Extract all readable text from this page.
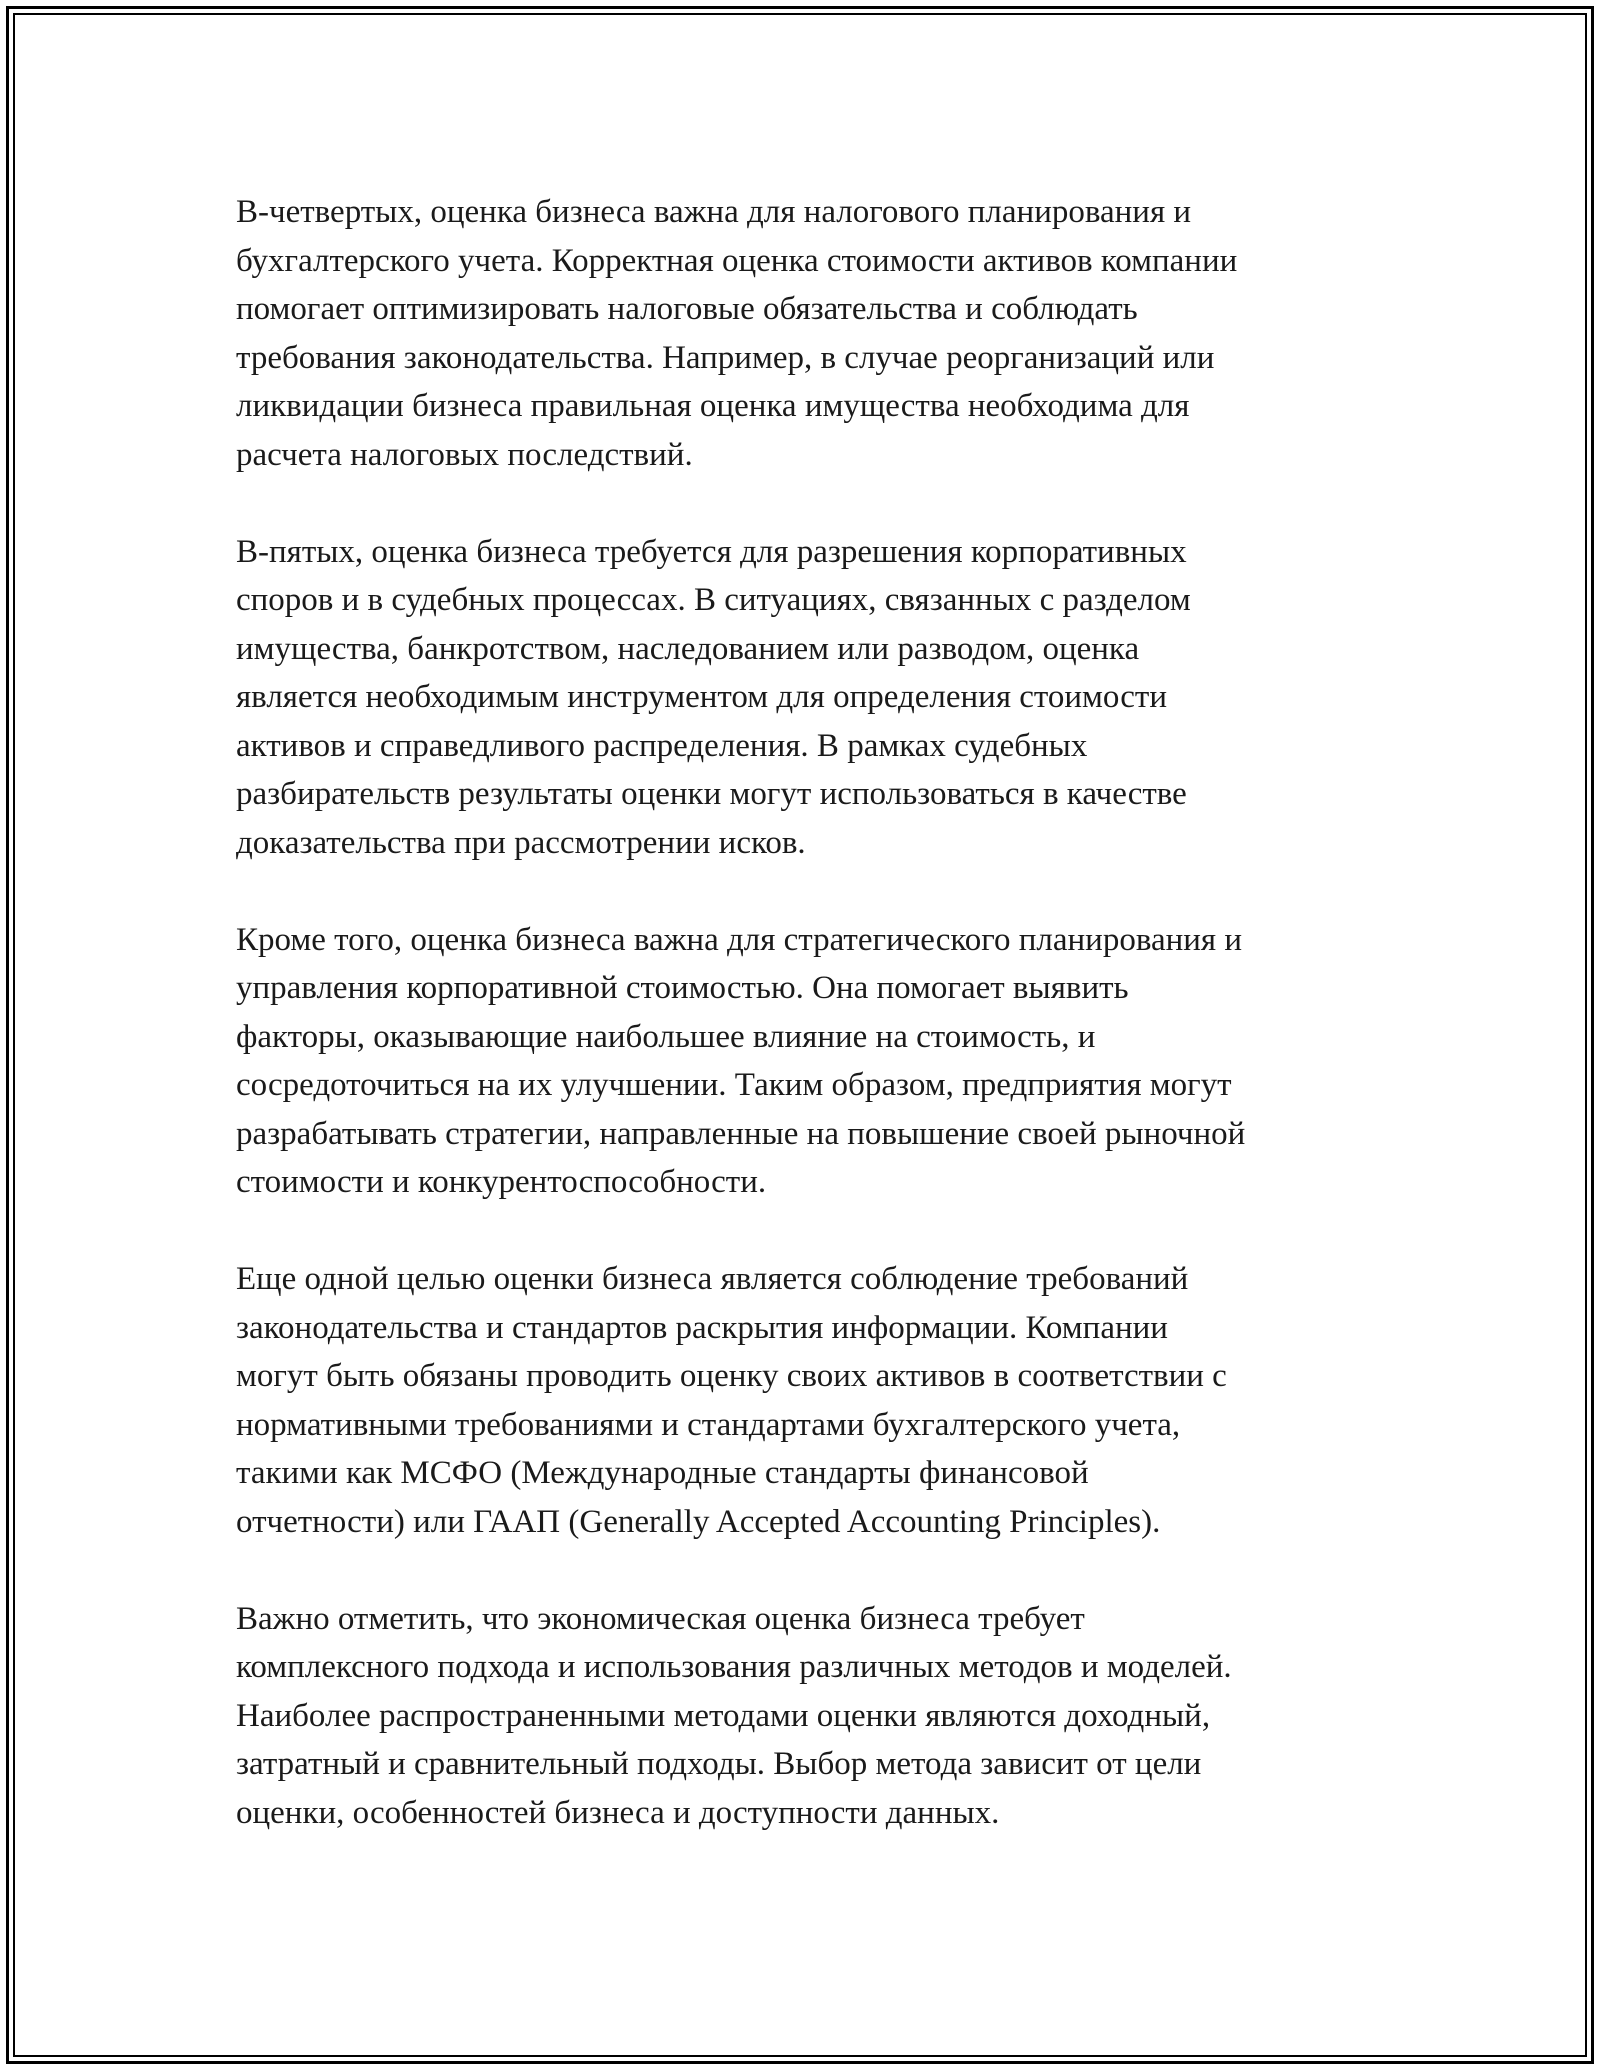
В-четвертых, оценка бизнеса важна для налогового планирования и
бухгалтерского учета. Корректная оценка стоимости активов компании
помогает оптимизировать налоговые обязательства и соблюдать
требования законодательства. Например, в случае реорганизаций или
ликвидации бизнеса правильная оценка имущества необходима для
расчета налоговых последствий.

В-пятых, оценка бизнеса требуется для разрешения корпоративных
споров и в судебных процессах. В ситуациях, связанных с разделом
имущества, банкротством, наследованием или разводом, оценка
является необходимым инструментом для определения стоимости
активов и справедливого распределения. В рамках судебных
разбирательств результаты оценки могут использоваться в качестве
доказательства при рассмотрении исков.

Кроме того, оценка бизнеса важна для стратегического планирования и
управления корпоративной стоимостью. Она помогает выявить
факторы, оказывающие наибольшее влияние на стоимость, и
сосредоточиться на их улучшении. Таким образом, предприятия могут
разрабатывать стратегии, направленные на повышение своей рыночной
стоимости и конкурентоспособности.

Еще одной целью оценки бизнеса является соблюдение требований
законодательства и стандартов раскрытия информации. Компании
могут быть обязаны проводить оценку своих активов в соответствии с
нормативными требованиями и стандартами бухгалтерского учета,
такими как МСФО (Международные стандарты финансовой
отчетности) или ГААП (Generally Accepted Accounting Principles).

Важно отметить, что экономическая оценка бизнеса требует
комплексного подхода и использования различных методов и моделей.
Наиболее распространенными методами оценки являются доходный,
затратный и сравнительный подходы. Выбор метода зависит от цели
оценки, особенностей бизнеса и доступности данных.
